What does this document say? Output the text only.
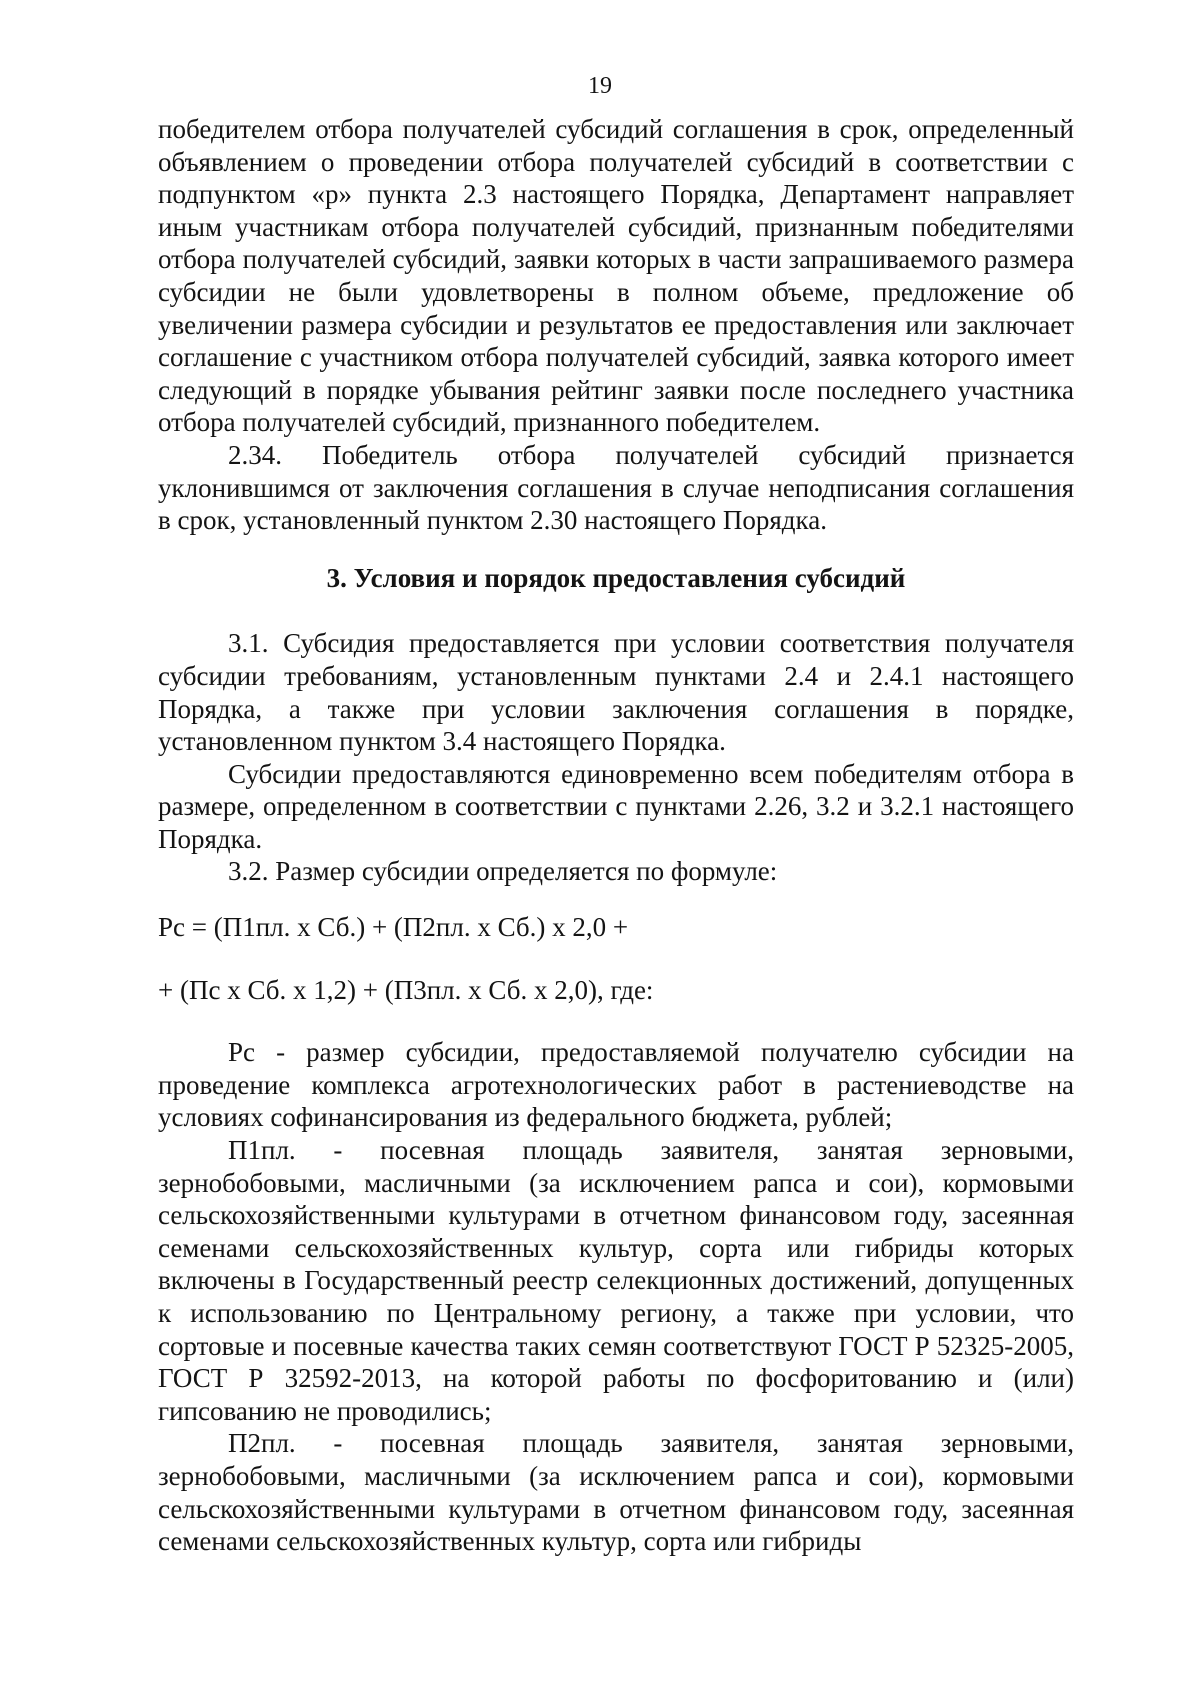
19

победителем отбора получателей субсидий соглашения в срок, определенный объявлением о проведении отбора получателей субсидий в соответствии с подпунктом «р» пункта 2.3 настоящего Порядка, Департамент направляет иным участникам отбора получателей субсидий, признанным победителями отбора получателей субсидий, заявки которых в части запрашиваемого размера субсидии не были удовлетворены в полном объеме, предложение об увеличении размера субсидии и результатов ее предоставления или заключает соглашение с участником отбора получателей субсидий, заявка которого имеет следующий в порядке убывания рейтинг заявки после последнего участника отбора получателей субсидий, признанного победителем.

2.34. Победитель отбора получателей субсидий признается уклонившимся от заключения соглашения в случае неподписания соглашения в срок, установленный пунктом 2.30 настоящего Порядка.

3. Условия и порядок предоставления субсидий

3.1. Субсидия предоставляется при условии соответствия получателя субсидии требованиям, установленным пунктами 2.4 и 2.4.1 настоящего Порядка, а также при условии заключения соглашения в порядке, установленном пунктом 3.4 настоящего Порядка.

Субсидии предоставляются единовременно всем победителям отбора в размере, определенном в соответствии с пунктами 2.26, 3.2 и 3.2.1 настоящего Порядка.

3.2. Размер субсидии определяется по формуле:

Рс = (П1пл. х Сб.) + (П2пл. х Сб.) х 2,0 +

+ (Пс х Сб. х 1,2) + (П3пл. х Сб. х 2,0), где:

Рс - размер субсидии, предоставляемой получателю субсидии на проведение комплекса агротехнологических работ в растениеводстве на условиях софинансирования из федерального бюджета, рублей;

П1пл. - посевная площадь заявителя, занятая зерновыми, зернобобовыми, масличными (за исключением рапса и сои), кормовыми сельскохозяйственными культурами в отчетном финансовом году, засеянная семенами сельскохозяйственных культур, сорта или гибриды которых включены в Государственный реестр селекционных достижений, допущенных к использованию по Центральному региону, а также при условии, что сортовые и посевные качества таких семян соответствуют ГОСТ Р 52325-2005, ГОСТ Р 32592-2013, на которой работы по фосфоритованию и (или) гипсованию не проводились;

П2пл. - посевная площадь заявителя, занятая зерновыми, зернобобовыми, масличными (за исключением рапса и сои), кормовыми сельскохозяйственными культурами в отчетном финансовом году, засеянная семенами сельскохозяйственных культур, сорта или гибриды
